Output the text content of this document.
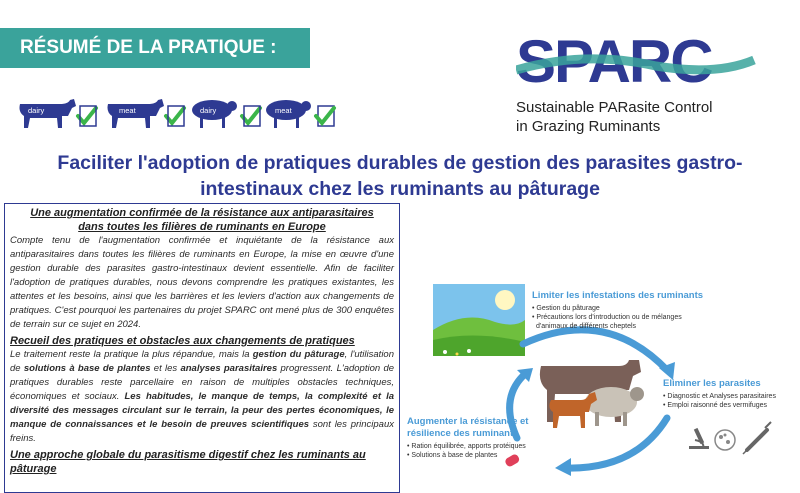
RÉSUMÉ DE LA PRATIQUE :
dairy	meat	dairy	meat
SPARC
Sustainable PARasite Control
in Grazing Ruminants
Faciliter l'adoption de pratiques durables de gestion des parasites gastro-
intestinaux chez les ruminants au pâturage
Une augmentation confirmée de la résistance aux antiparasitaires
dans toutes les filières de ruminants en Europe

Compte tenu de l'augmentation confirmée et inquiétante de la résistance aux antiparasitaires dans toutes les filières de ruminants en Europe, la mise en œuvre d'une gestion durable des parasites gastro-intestinaux devient essentielle. Afin de faciliter l'adoption de pratiques durables, nous devons comprendre les pratiques existantes, les attentes et les besoins, ainsi que les barrières et les leviers d'action aux changements de pratiques. C'est pourquoi les partenaires du projet SPARC ont mené plus de 300 enquêtes de terrain sur ce sujet en 2024.

Recueil des pratiques et obstacles aux changements de pratiques

Le traitement reste la pratique la plus répandue, mais la gestion du pâturage, l'utilisation de solutions à base de plantes et les analyses parasitaires progressent. L'adoption de pratiques durables reste parcellaire en raison de multiples obstacles techniques, économiques et sociaux. Les habitudes, le manque de temps, la complexité et la diversité des messages circulant sur le terrain, la peur des pertes économiques, le manque de connaissances et le besoin de preuves scientifiques sont les principaux freins.

Une approche globale du parasitisme digestif chez les ruminants au
pâturage
Limiter les infestations des ruminants
• Gestion du pâturage
• Précautions lors d'introduction ou de mélanges
d'animaux de différents cheptels
Eliminer les parasites
• Diagnostic et Analyses parasitaires
• Emploi raisonné des vermifuges
Augmenter la résistance et
résilience des ruminants
• Ration équilibrée, apports protéiques
• Solutions à base de plantes
